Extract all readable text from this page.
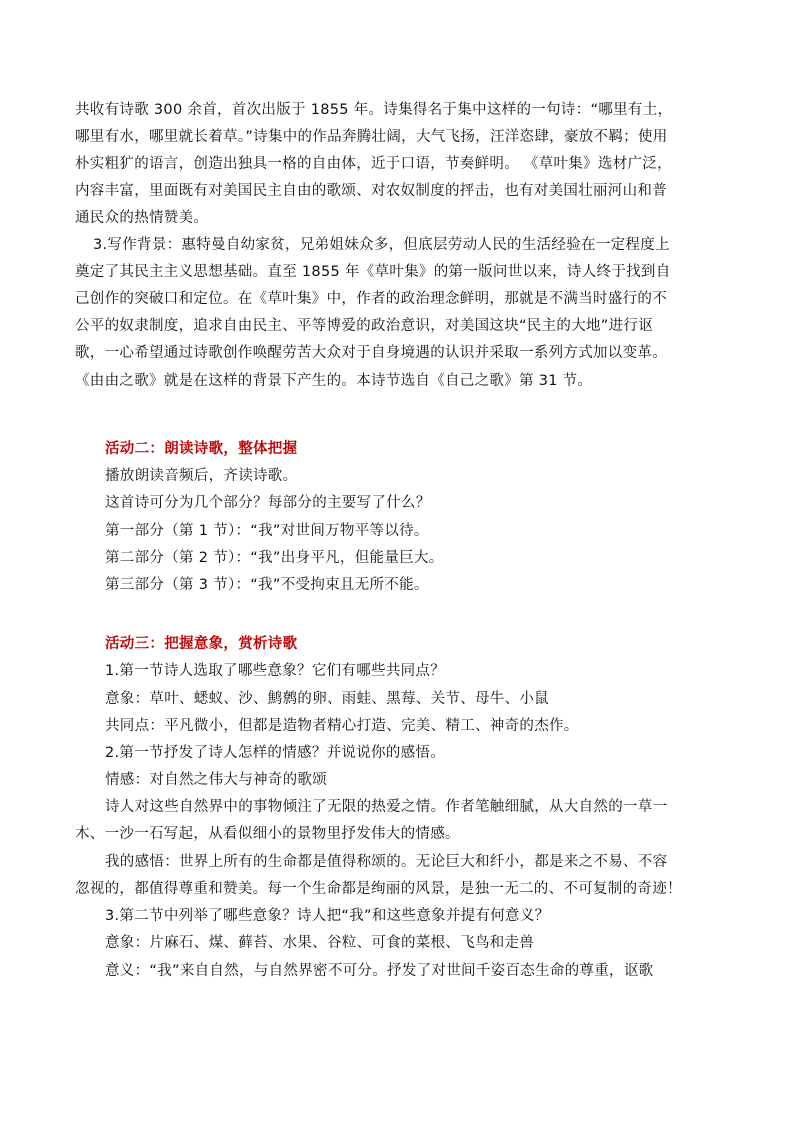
共收有诗歌 300 余首，首次出版于 1855 年。诗集得名于集中这样的一句诗：“哪里有土，
哪里有水，哪里就长着草。”诗集中的作品奔腾壮阔，大气飞扬，汪洋恣肆，豪放不羁；使用
朴实粗犷的语言，创造出独具一格的自由体，近于口语，节奏鲜明。 《草叶集》选材广泛，
内容丰富，里面既有对美国民主自由的歌颂、对农奴制度的抨击，也有对美国壮丽河山和普
通民众的热情赞美。
3.写作背景：惠特曼自幼家贫，兄弟姐妹众多，但底层劳动人民的生活经验在一定程度上
奠定了其民主主义思想基础。直至 1855 年《草叶集》的第一版问世以来，诗人终于找到自
己创作的突破口和定位。在《草叶集》中，作者的政治理念鲜明，那就是不满当时盛行的不
公平的奴隶制度，追求自由民主、平等博爱的政治意识，对美国这块“民主的大地”进行讴
歌，一心希望通过诗歌创作唤醒劳苦大众对于自身境遇的认识并采取一系列方式加以变革。
《由由之歌》就是在这样的背景下产生的。本诗节选自《自己之歌》第 31 节。
活动二：朗读诗歌，整体把握
播放朗读音频后，齐读诗歌。
这首诗可分为几个部分？每部分的主要写了什么？
第一部分（第 1 节）：“我”对世间万物平等以待。
第二部分（第 2 节）：“我”出身平凡，但能量巨大。
第三部分（第 3 节）：“我”不受拘束且无所不能。
活动三：把握意象，赏析诗歌
1.第一节诗人选取了哪些意象？它们有哪些共同点？
意象：草叶、蟋蚁、沙、鹪鹩的卵、雨蛙、黑莓、关节、母牛、小鼠
共同点：平凡微小，但都是造物者精心打造、完美、精工、神奇的杰作。
2.第一节抒发了诗人怎样的情感？并说说你的感悟。
情感：对自然之伟大与神奇的歌颂
诗人对这些自然界中的事物倾注了无限的热爱之情。作者笔触细腻，从大自然的一草一
木、一沙一石写起，从看似细小的景物里抒发伟大的情感。
我的感悟：世界上所有的生命都是值得称颂的。无论巨大和纤小，都是来之不易、不容
忽视的，都值得尊重和赞美。每一个生命都是绚丽的风景，是独一无二的、不可复制的奇迹！
3.第二节中列举了哪些意象？诗人把“我”和这些意象并提有何意义？
意象：片麻石、煤、藓苔、水果、谷粒、可食的菜根、飞鸟和走兽
意义：“我”来自自然，与自然界密不可分。抒发了对世间千姿百态生命的尊重，讴歌
